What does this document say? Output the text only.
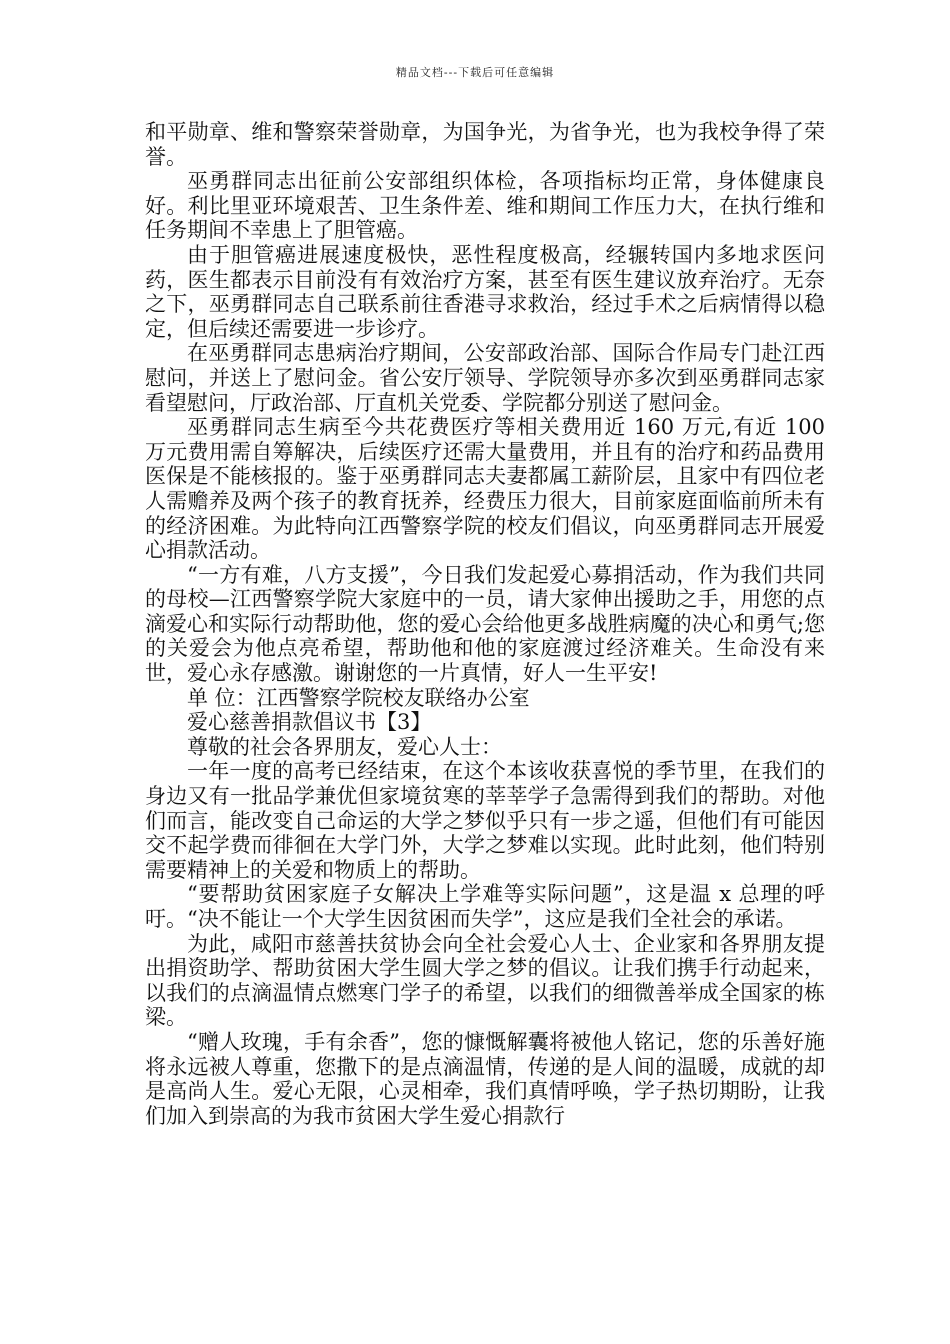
精品文档---下载后可任意编辑

和平勋章、维和警察荣誉勋章，为国争光，为省争光，也为我校争得了荣誉。

巫勇群同志出征前公安部组织体检，各项指标均正常，身体健康良好。利比里亚环境艰苦、卫生条件差、维和期间工作压力大，在执行维和任务期间不幸患上了胆管癌。

由于胆管癌进展速度极快，恶性程度极高，经辗转国内多地求医问药，医生都表示目前没有有效治疗方案，甚至有医生建议放弃治疗。无奈之下，巫勇群同志自己联系前往香港寻求救治，经过手术之后病情得以稳定，但后续还需要进一步诊疗。

在巫勇群同志患病治疗期间，公安部政治部、国际合作局专门赴江西慰问，并送上了慰问金。省公安厅领导、学院领导亦多次到巫勇群同志家看望慰问，厅政治部、厅直机关党委、学院都分别送了慰问金。

巫勇群同志生病至今共花费医疗等相关费用近 160 万元,有近 100 万元费用需自筹解决，后续医疗还需大量费用，并且有的治疗和药品费用医保是不能核报的。鉴于巫勇群同志夫妻都属工薪阶层，且家中有四位老人需赡养及两个孩子的教育抚养，经费压力很大，目前家庭面临前所未有的经济困难。为此特向江西警察学院的校友们倡议，向巫勇群同志开展爱心捐款活动。

“一方有难，八方支援”，今日我们发起爱心募捐活动，作为我们共同的母校—江西警察学院大家庭中的一员，请大家伸出援助之手，用您的点滴爱心和实际行动帮助他，您的爱心会给他更多战胜病魔的决心和勇气;您的关爱会为他点亮希望，帮助他和他的家庭渡过经济难关。生命没有来世，爱心永存感激。谢谢您的一片真情，好人一生平安!

单 位：江西警察学院校友联络办公室

爱心慈善捐款倡议书【3】

尊敬的社会各界朋友，爱心人士：

一年一度的高考已经结束，在这个本该收获喜悦的季节里，在我们的身边又有一批品学兼优但家境贫寒的莘莘学子急需得到我们的帮助。对他们而言，能改变自己命运的大学之梦似乎只有一步之遥，但他们有可能因交不起学费而徘徊在大学门外，大学之梦难以实现。此时此刻，他们特别需要精神上的关爱和物质上的帮助。

“要帮助贫困家庭子女解决上学难等实际问题”，这是温 x 总理的呼吁。“决不能让一个大学生因贫困而失学”，这应是我们全社会的承诺。

为此，咸阳市慈善扶贫协会向全社会爱心人士、企业家和各界朋友提出捐资助学、帮助贫困大学生圆大学之梦的倡议。让我们携手行动起来，以我们的点滴温情点燃寒门学子的希望，以我们的细微善举成全国家的栋梁。

“赠人玫瑰，手有余香”，您的慷慨解囊将被他人铭记，您的乐善好施将永远被人尊重，您撒下的是点滴温情，传递的是人间的温暖，成就的却是高尚人生。爱心无限，心灵相牵，我们真情呼唤，学子热切期盼，让我们加入到崇高的为我市贫困大学生爱心捐款行
